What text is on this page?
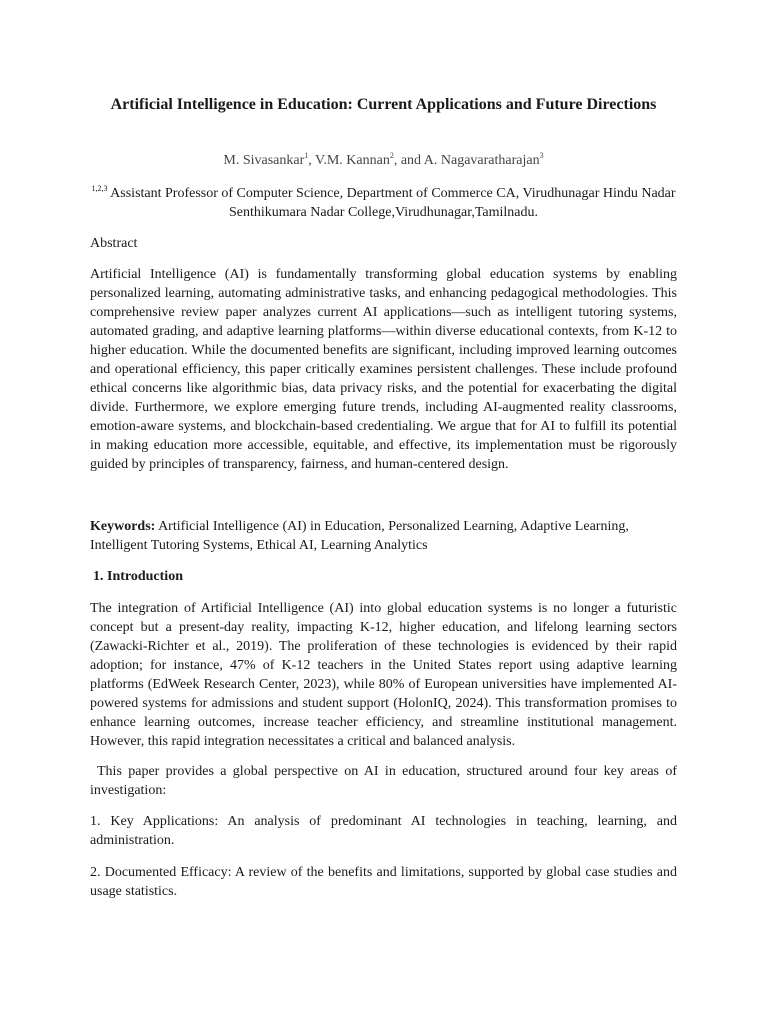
Artificial Intelligence in Education: Current Applications and Future Directions
M. Sivasankar$^1$, V.M. Kannan$^2$, and A. Nagavaratharajan$^3$
$^{1,2,3}$ Assistant Professor of Computer Science, Department of Commerce CA, Virudhunagar Hindu Nadar Senthikumara Nadar College,Virudhunagar,Tamilnadu.
Abstract

Artificial Intelligence (AI) is fundamentally transforming global education systems by enabling personalized learning, automating administrative tasks, and enhancing pedagogical methodologies. This comprehensive review paper analyzes current AI applications—such as intelligent tutoring systems, automated grading, and adaptive learning platforms—within diverse educational contexts, from K-12 to higher education. While the documented benefits are significant, including improved learning outcomes and operational efficiency, this paper critically examines persistent challenges. These include profound ethical concerns like algorithmic bias, data privacy risks, and the potential for exacerbating the digital divide. Furthermore, we explore emerging future trends, including AI-augmented reality classrooms, emotion-aware systems, and blockchain-based credentialing. We argue that for AI to fulfill its potential in making education more accessible, equitable, and effective, its implementation must be rigorously guided by principles of transparency, fairness, and human-centered design.

Keywords: Artificial Intelligence (AI) in Education, Personalized Learning, Adaptive Learning, Intelligent Tutoring Systems, Ethical AI, Learning Analytics

1. Introduction

The integration of Artificial Intelligence (AI) into global education systems is no longer a futuristic concept but a present-day reality, impacting K-12, higher education, and lifelong learning sectors (Zawacki-Richter et al., 2019). The proliferation of these technologies is evidenced by their rapid adoption; for instance, 47% of K-12 teachers in the United States report using adaptive learning platforms (EdWeek Research Center, 2023), while 80% of European universities have implemented AI-powered systems for admissions and student support (HolonIQ, 2024). This transformation promises to enhance learning outcomes, increase teacher efficiency, and streamline institutional management. However, this rapid integration necessitates a critical and balanced analysis.

This paper provides a global perspective on AI in education, structured around four key areas of investigation:

1. Key Applications: An analysis of predominant AI technologies in teaching, learning, and administration.

2. Documented Efficacy: A review of the benefits and limitations, supported by global case studies and usage statistics.
